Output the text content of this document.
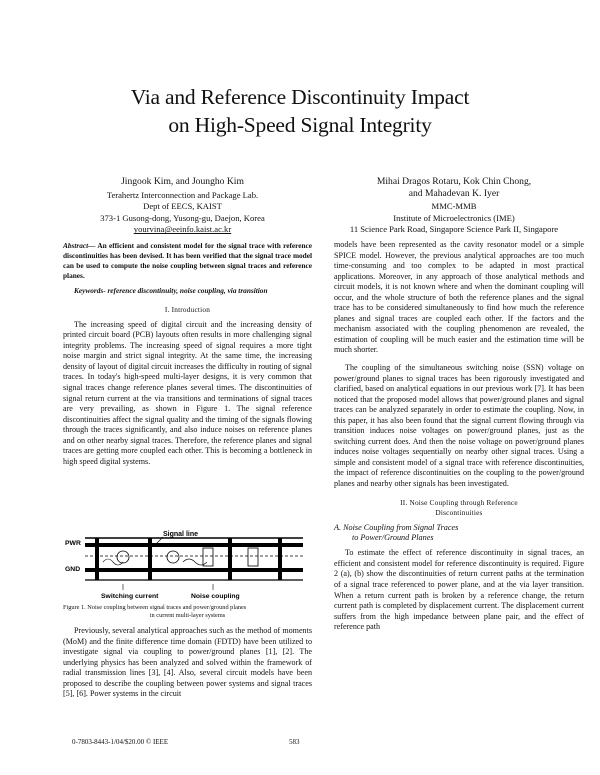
Via and Reference Discontinuity Impact
on High-Speed Signal Integrity
Jingook Kim, and Joungho Kim
Terahertz Interconnection and Package Lab.
Dept of EECS, KAIST
373-1 Gusong-dong, Yusong-gu, Daejon, Korea
yourvina@eeinfo.kaist.ac.kr
Mihai Dragos Rotaru, Kok Chin Chong,
and Mahadevan K. Iyer
MMC-MMB
Institute of Microelectronics (IME)
11 Science Park Road, Singapore Science Park II, Singapore
Abstract— An efficient and consistent model for the signal trace with reference discontinuities has been devised. It has been verified that the signal trace model can be used to compute the noise coupling between signal traces and reference planes.
Keywords- reference discontinuity, noise coupling, via transition
I. Introduction
The increasing speed of digital circuit and the increasing density of printed circuit board (PCB) layouts often results in more challenging signal integrity problems. The increasing speed of signal requires a more tight noise margin and strict signal integrity. At the same time, the increasing density of layout of digital circuit increases the difficulty in routing of signal traces. In today's high-speed multi-layer designs, it is very common that signal traces change reference planes several times. The discontinuities of signal return current at the via transitions and terminations of signal traces are very prevailing, as shown in Figure 1. The signal reference discontinuities affect the signal quality and the timing of the signals flowing through the traces significantly, and also induce noises on reference planes and on other nearby signal traces. Therefore, the reference planes and signal traces are getting more coupled each other. This is becoming a bottleneck in high speed digital systems.
Signal line
PWR
GND
Switching current	Noise coupling
Figure 1. Noise coupling between signal traces and power/ground planes
in current multi-layer systems
Previously, several analytical approaches such as the method of moments (MoM) and the finite difference time domain (FDTD) have been utilized to investigate signal via coupling to power/ground planes [1], [2]. The underlying physics has been analyzed and solved within the framework of radial transmission lines [3], [4]. Also, several circuit models have been proposed to describe the coupling between power systems and signal traces [5], [6]. Power systems in the circuit
models have been represented as the cavity resonator model or a simple SPICE model. However, the previous analytical approaches are too much time-consuming and too complex to be adapted in most practical applications. Moreover, in any approach of those analytical methods and circuit models, it is not known where and when the dominant coupling will occur, and the whole structure of both the reference planes and the signal trace has to be considered simultaneously to find how much the reference planes and signal traces are coupled each other. If the factors and the mechanism associated with the coupling phenomenon are revealed, the estimation of coupling will be much easier and the estimation time will be much shorter.
The coupling of the simultaneous switching noise (SSN) voltage on power/ground planes to signal traces has been rigorously investigated and clarified, based on analytical equations in our previous work [7]. It has been noticed that the proposed model allows that power/ground planes and signal traces can be analyzed separately in order to estimate the coupling. Now, in this paper, it has also been found that the signal current flowing through via transition induces noise voltages on power/ground planes, just as the switching current does. And then the noise voltage on power/ground planes induces noise voltages sequentially on nearby other signal traces. Using a simple and consistent model of a signal trace with reference discontinuities, the impact of reference discontinuities on the coupling to the power/ground planes and nearby other signals has been investigated.
II. Noise Coupling through Reference
Discontinuities
A. Noise Coupling from Signal Traces
to Power/Ground Planes
To estimate the effect of reference discontinuity in signal traces, an efficient and consistent model for reference discontinuity is required. Figure 2 (a), (b) show the discontinuities of return current paths at the termination of a signal trace referenced to power plane, and at the via layer transition. When a return current path is broken by a reference change, the return current path is completed by displacement current. The displacement current suffers from the high impedance between plane pair, and the effect of reference path
0-7803-8443-1/04/$20.00 © IEEE	583
